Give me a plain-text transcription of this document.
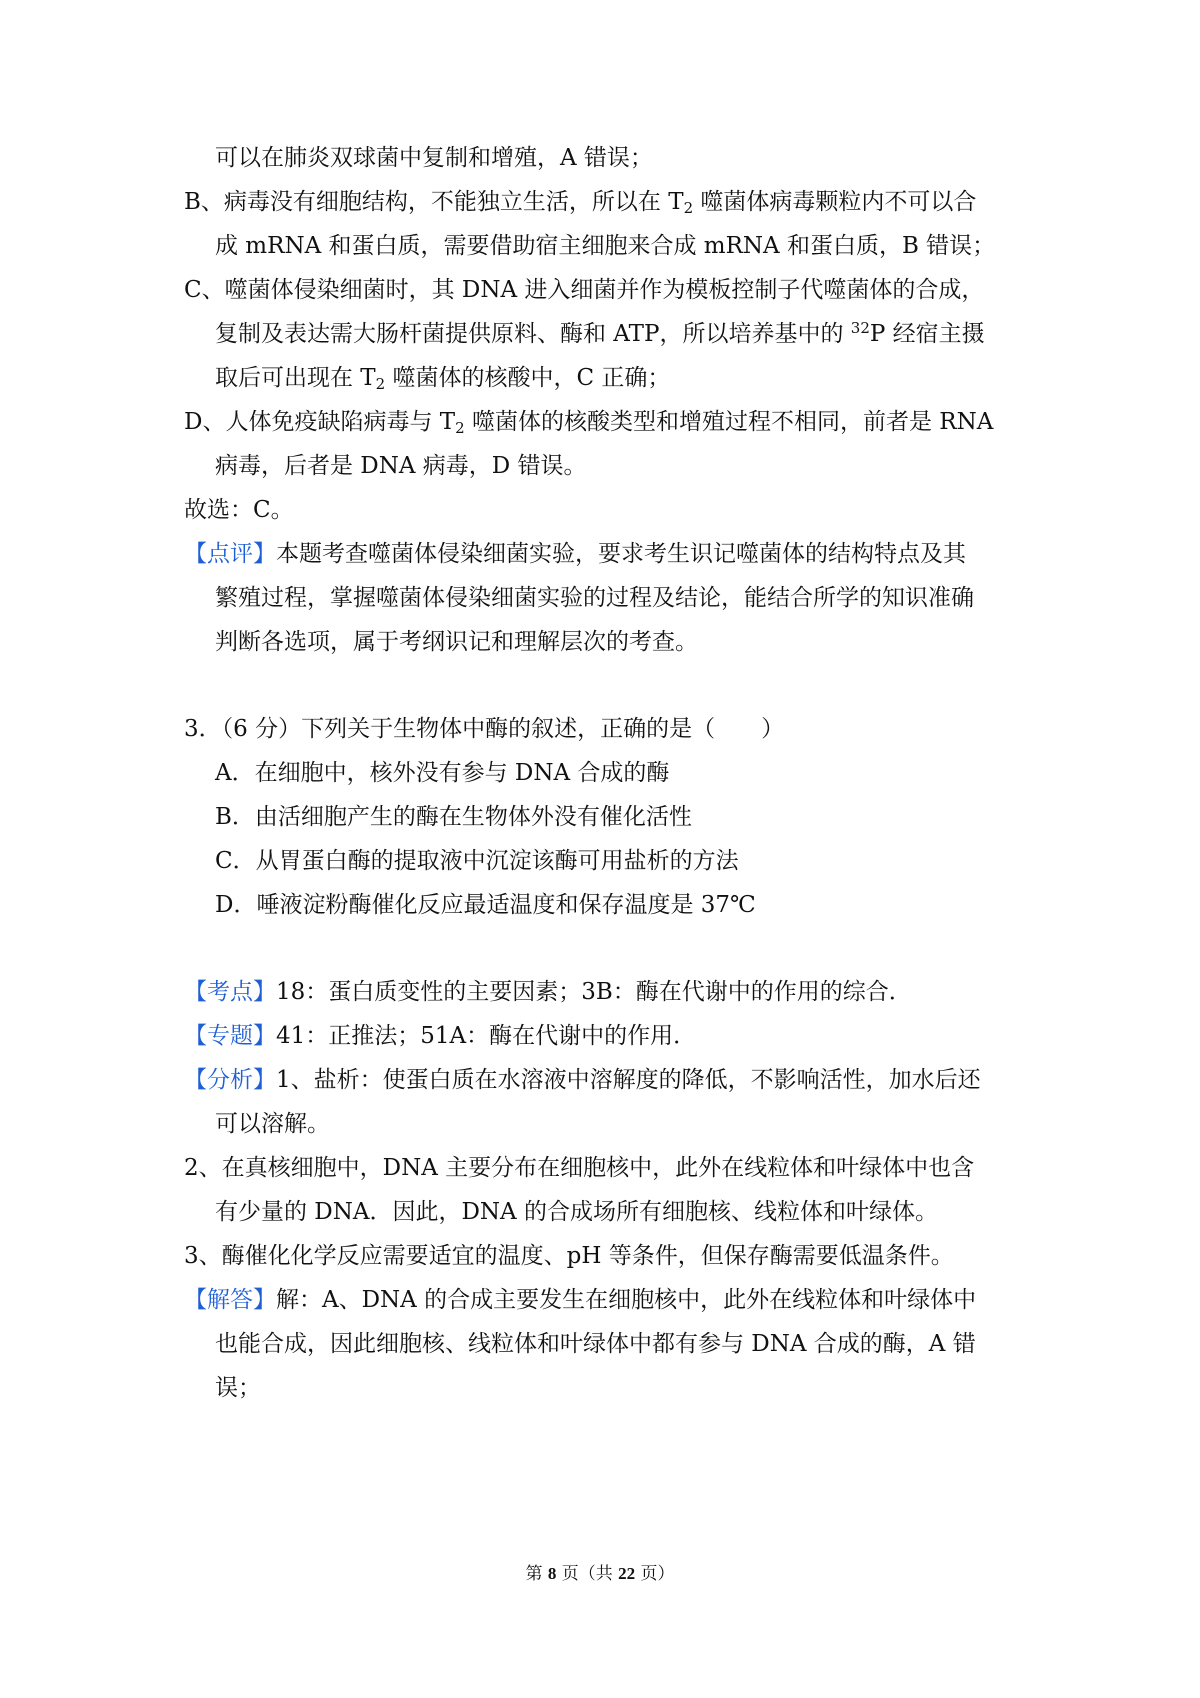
可以在肺炎双球菌中复制和增殖，A 错误；
B、病毒没有细胞结构，不能独立生活，所以在 $T_2$ 噬菌体病毒颗粒内不可以合
成 mRNA 和蛋白质，需要借助宿主细胞来合成 mRNA 和蛋白质，B 错误；
C、噬菌体侵染细菌时，其 DNA 进入细菌并作为模板控制子代噬菌体的合成，
复制及表达需大肠杆菌提供原料、酶和 ATP，所以培养基中的 $^{32}$P 经宿主摄
取后可出现在 $T_2$ 噬菌体的核酸中，C 正确；
D、人体免疫缺陷病毒与 $T_2$ 噬菌体的核酸类型和增殖过程不相同，前者是 RNA
病毒，后者是 DNA 病毒，D 错误。
故选：C。
【点评】本题考查噬菌体侵染细菌实验，要求考生识记噬菌体的结构特点及其
繁殖过程，掌握噬菌体侵染细菌实验的过程及结论，能结合所学的知识准确
判断各选项，属于考纲识记和理解层次的考查。
3．（6 分）下列关于生物体中酶的叙述，正确的是（　　）
A．在细胞中，核外没有参与 DNA 合成的酶
B．由活细胞产生的酶在生物体外没有催化活性
C．从胃蛋白酶的提取液中沉淀该酶可用盐析的方法
D．唾液淀粉酶催化反应最适温度和保存温度是 37℃
【考点】18：蛋白质变性的主要因素；3B：酶在代谢中的作用的综合．
【专题】41：正推法；51A：酶在代谢中的作用．
【分析】1、盐析：使蛋白质在水溶液中溶解度的降低，不影响活性，加水后还
可以溶解。
2、在真核细胞中，DNA 主要分布在细胞核中，此外在线粒体和叶绿体中也含
有少量的 DNA．因此，DNA 的合成场所有细胞核、线粒体和叶绿体。
3、酶催化化学反应需要适宜的温度、pH 等条件，但保存酶需要低温条件。
【解答】解：A、DNA 的合成主要发生在细胞核中，此外在线粒体和叶绿体中
也能合成，因此细胞核、线粒体和叶绿体中都有参与 DNA 合成的酶，A 错
误；
第 8 页（共 22 页）
